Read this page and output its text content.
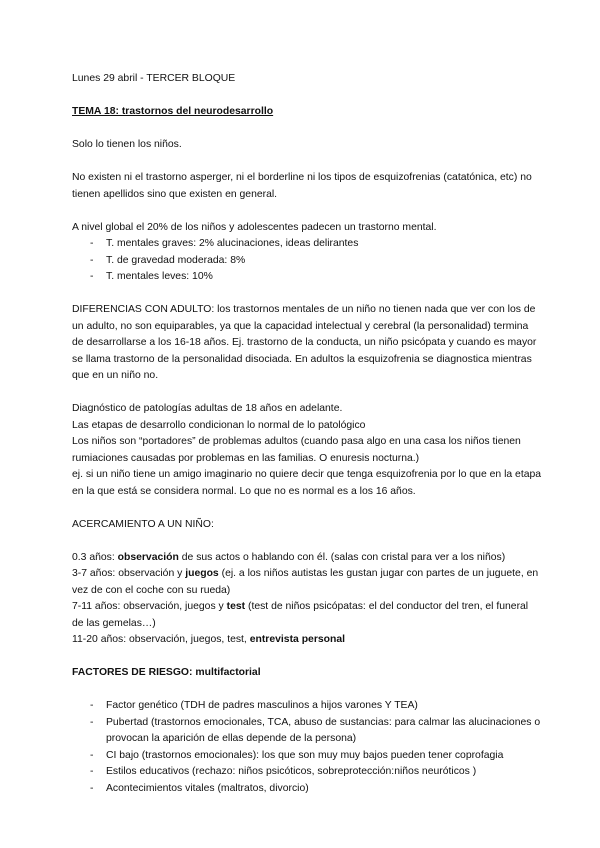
Lunes 29 abril - TERCER BLOQUE

TEMA 18: trastornos del neurodesarrollo

Solo lo tienen los niños.

No existen ni el trastorno asperger, ni el borderline ni los tipos de esquizofrenias (catatónica, etc) no tienen apellidos sino que existen en general.

A nivel global el 20% de los niños y adolescentes padecen un trastorno mental.

- T. mentales graves: 2% alucinaciones, ideas delirantes
- T. de gravedad moderada: 8%
- T. mentales leves: 10%

DIFERENCIAS CON ADULTO: los trastornos mentales de un niño no tienen nada que ver con los de un adulto, no son equiparables, ya que la capacidad intelectual y cerebral (la personalidad) termina de desarrollarse a los 16-18 años. Ej. trastorno de la conducta, un niño psicópata y cuando es mayor se llama trastorno de la personalidad disociada. En adultos la esquizofrenia se diagnostica mientras que en un niño no.

Diagnóstico de patologías adultas de 18 años en adelante.

Las etapas de desarrollo condicionan lo normal de lo patológico

Los niños son “portadores” de problemas adultos (cuando pasa algo en una casa los niños tienen rumiaciones causadas por problemas en las familias. O enuresis nocturna.)

ej. si un niño tiene un amigo imaginario no quiere decir que tenga esquizofrenia por lo que en la etapa en la que está se considera normal. Lo que no es normal es a los 16 años.

ACERCAMIENTO A UN NIÑO:

0.3 años: observación de sus actos o hablando con él. (salas con cristal para ver a los niños)

3-7 años: observación y juegos (ej. a los niños autistas les gustan jugar con partes de un juguete, en vez de con el coche con su rueda)

7-11 años: observación, juegos y test (test de niños psicópatas: el del conductor del tren, el funeral de las gemelas…)

11-20 años: observación, juegos, test, entrevista personal

FACTORES DE RIESGO: multifactorial

- Factor genético (TDH de padres masculinos a hijos varones Y TEA)
- Pubertad (trastornos emocionales, TCA, abuso de sustancias: para calmar las alucinaciones o provocan la aparición de ellas depende de la persona)
- CI bajo (trastornos emocionales): los que son muy muy bajos pueden tener coprofagia
- Estilos educativos (rechazo: niños psicóticos, sobreprotección:niños neuróticos )
- Acontecimientos vitales (maltratos, divorcio)
